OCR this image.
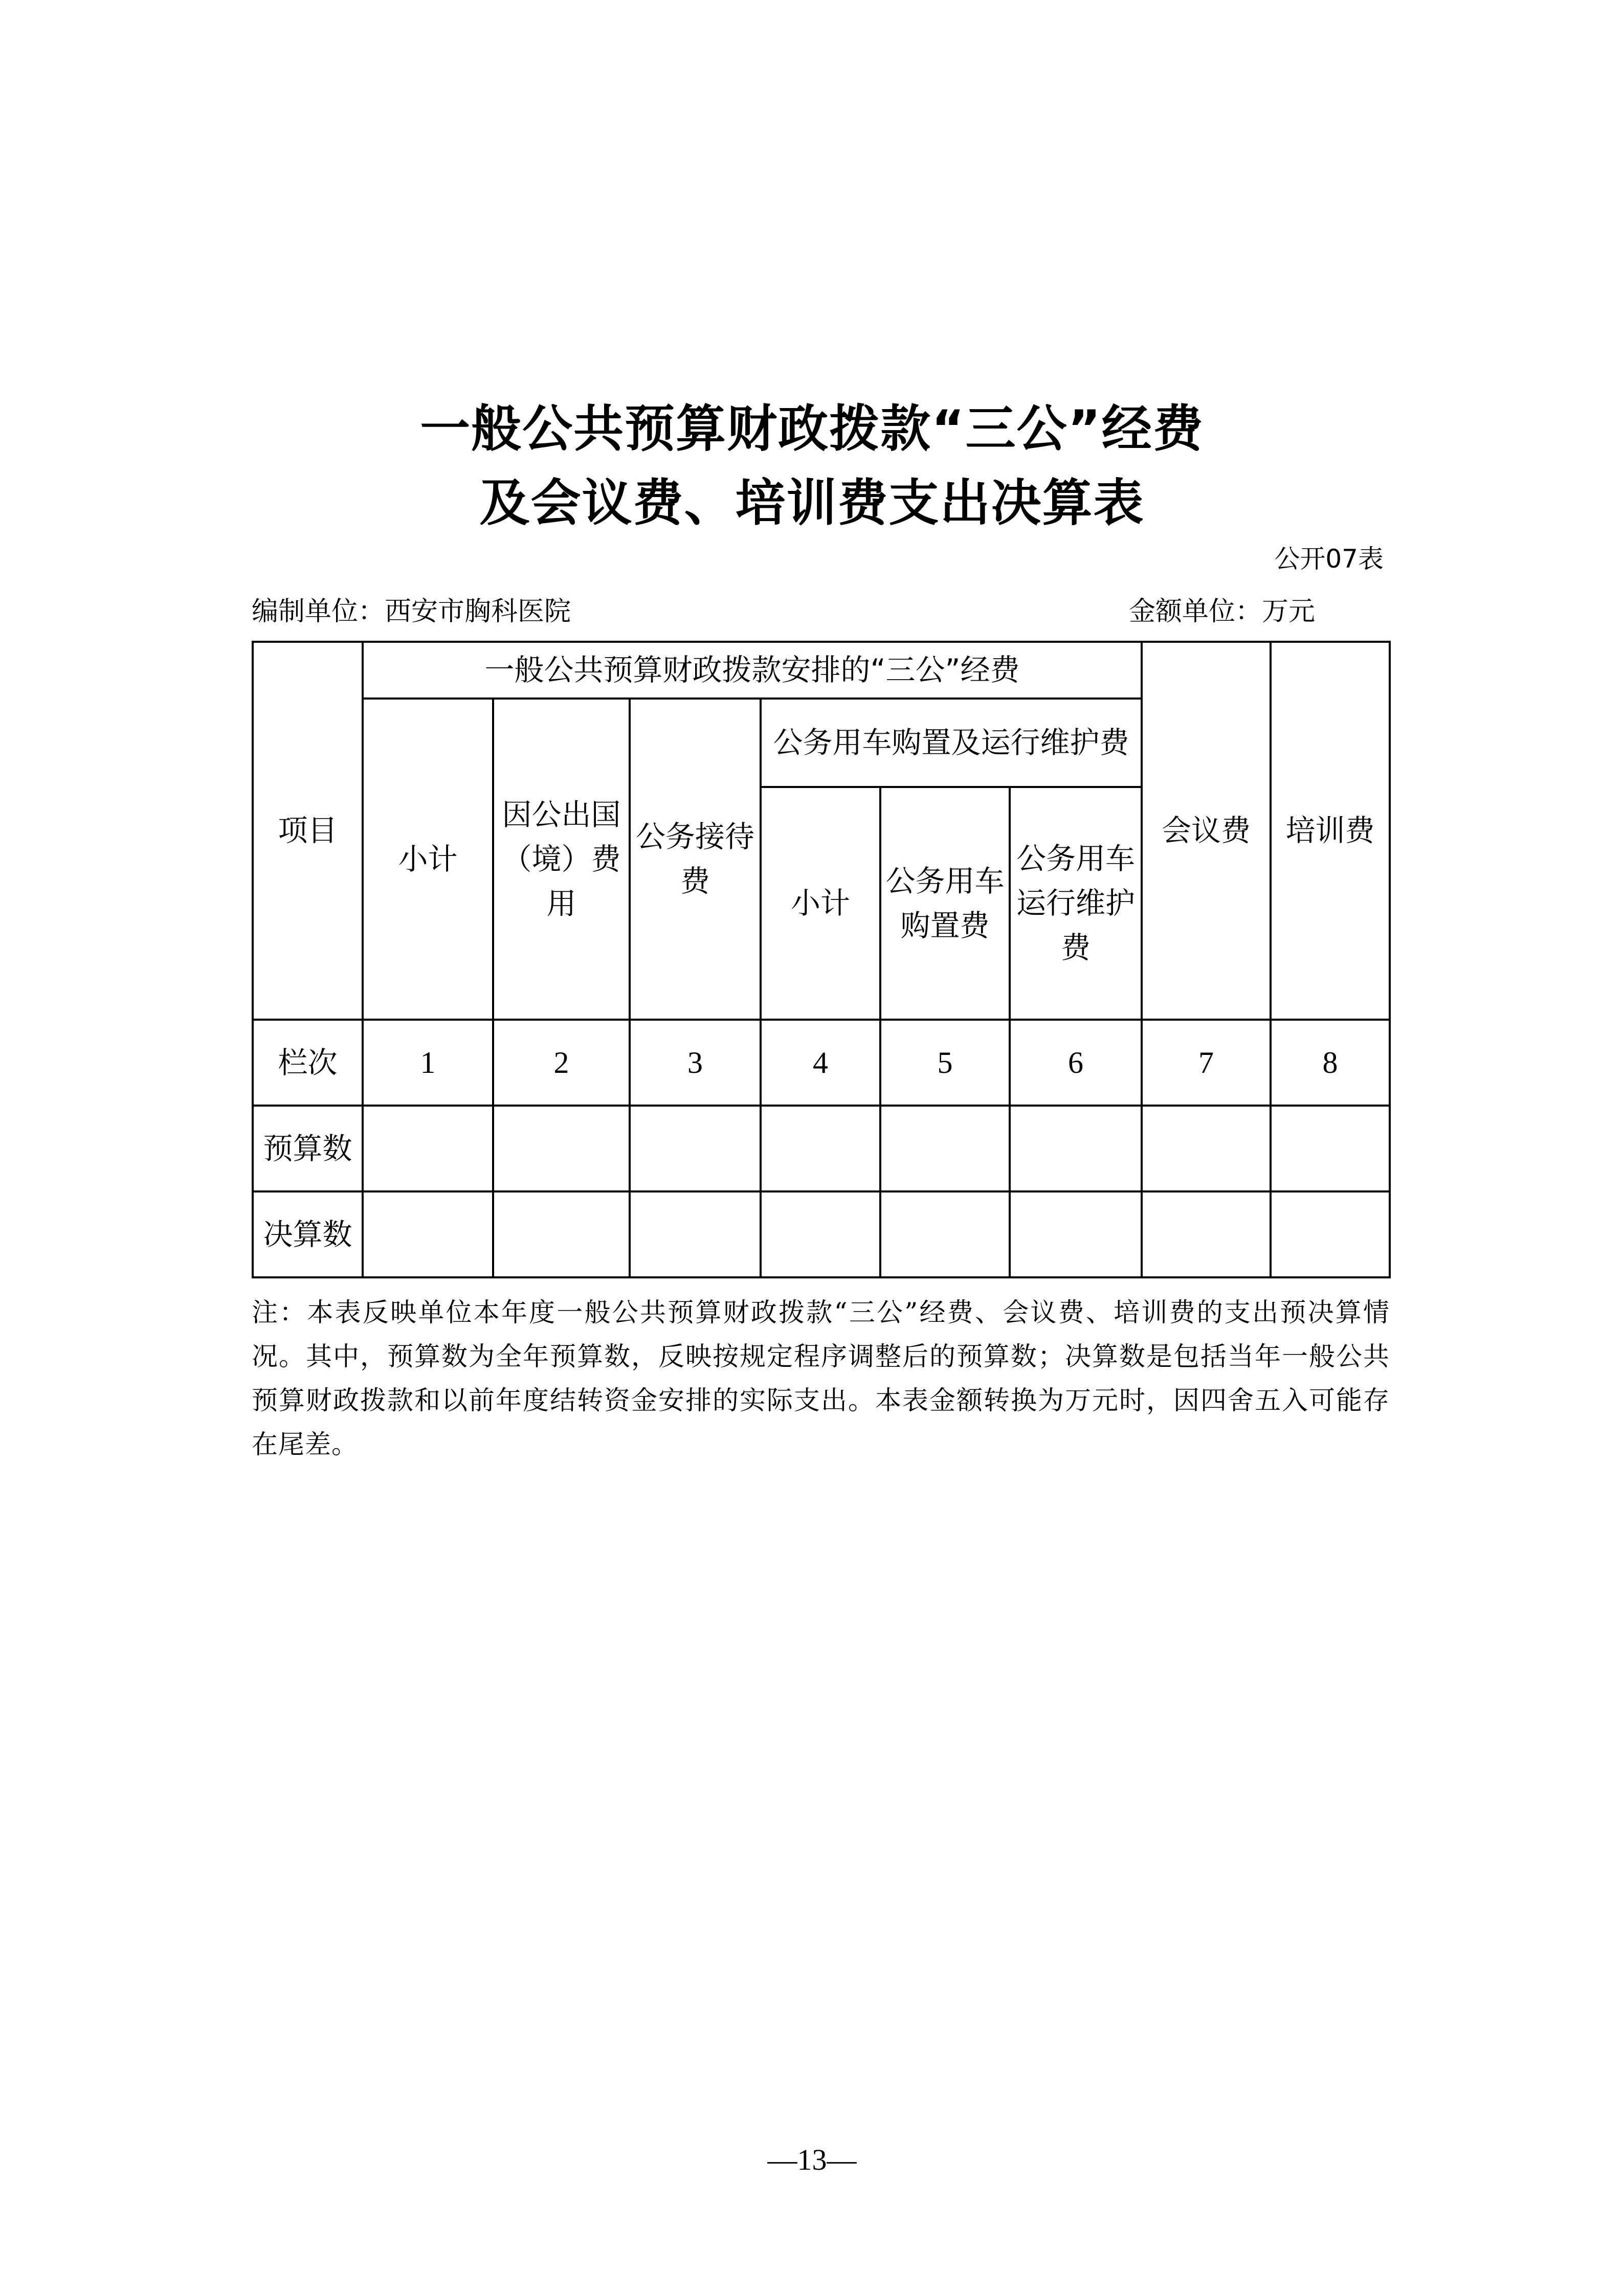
一般公共预算财政拨款“三公”经费
及会议费、培训费支出决算表
公开07表
编制单位：西安市胸科医院	金额单位：万元
项目	一般公共预算财政拨款安排的“三公”经费						会议费	培训费
	小计	因公出国（境）费用	公务接待费	公务用车购置及运行维护费				
				小计	公务用车购置费	公务用车运行维护费		
栏次	1	2	3	4	5	6	7	8
预算数								
决算数								
注：本表反映单位本年度一般公共预算财政拨款“三公”经费、会议费、培训费的支出预决算情况。其中，预算数为全年预算数，反映按规定程序调整后的预算数；决算数是包括当年一般公共预算财政拨款和以前年度结转资金安排的实际支出。本表金额转换为万元时，因四舍五入可能存在尾差。
—13—
